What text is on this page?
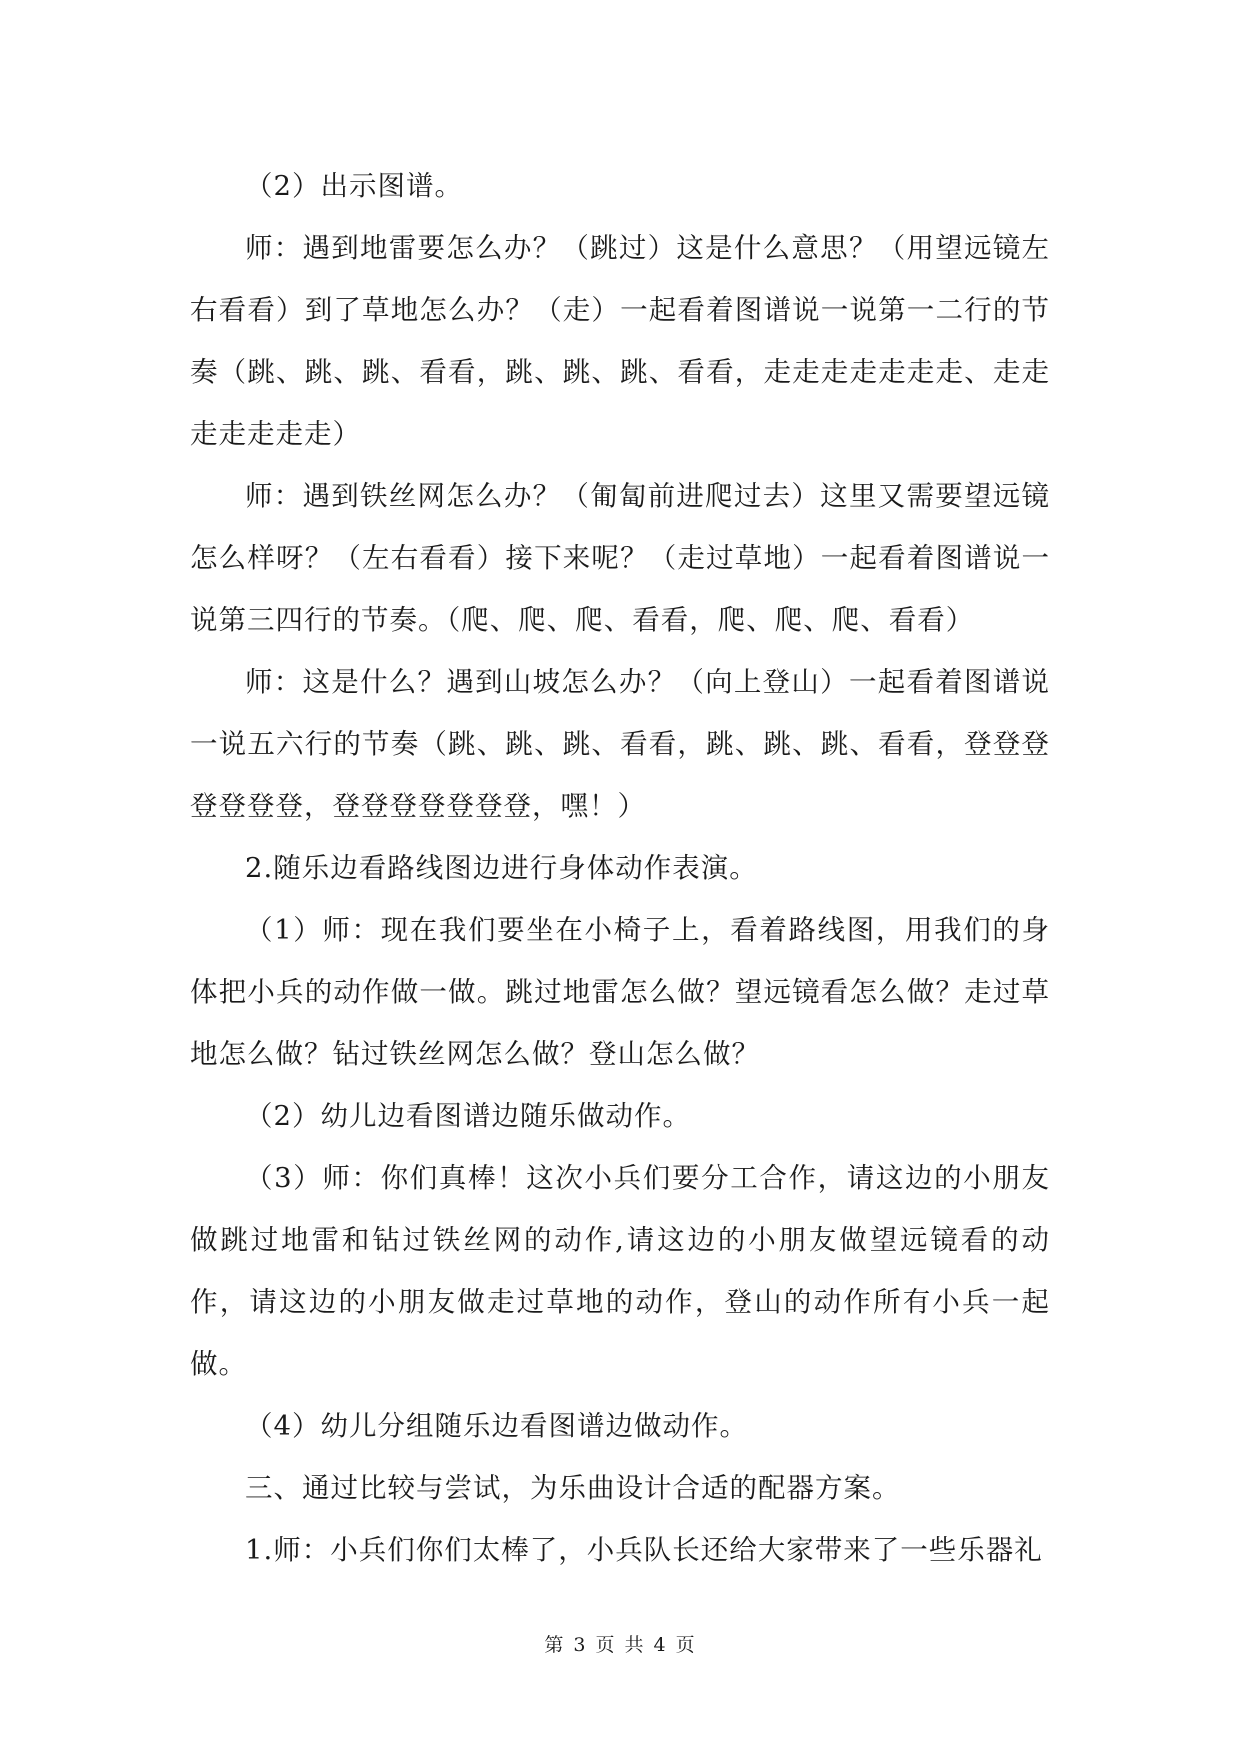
（2）出示图谱。

师：遇到地雷要怎么办？（跳过）这是什么意思？（用望远镜左右看看）到了草地怎么办？（走）一起看着图谱说一说第一二行的节奏（跳、跳、跳、看看，跳、跳、跳、看看，走走走走走走走、走走走走走走走）

师：遇到铁丝网怎么办？（匍匐前进爬过去）这里又需要望远镜怎么样呀？（左右看看）接下来呢？（走过草地）一起看着图谱说一说第三四行的节奏。（爬、爬、爬、看看，爬、爬、爬、看看）

师：这是什么？遇到山坡怎么办？（向上登山）一起看着图谱说一说五六行的节奏（跳、跳、跳、看看，跳、跳、跳、看看，登登登登登登登，登登登登登登登，嘿！）

2.随乐边看路线图边进行身体动作表演。

（1）师：现在我们要坐在小椅子上，看着路线图，用我们的身体把小兵的动作做一做。跳过地雷怎么做？望远镜看怎么做？走过草地怎么做？钻过铁丝网怎么做？登山怎么做？

（2）幼儿边看图谱边随乐做动作。

（3）师：你们真棒！这次小兵们要分工合作，请这边的小朋友做跳过地雷和钻过铁丝网的动作,请这边的小朋友做望远镜看的动作，请这边的小朋友做走过草地的动作，登山的动作所有小兵一起做。

（4）幼儿分组随乐边看图谱边做动作。

三、通过比较与尝试，为乐曲设计合适的配器方案。

1.师：小兵们你们太棒了，小兵队长还给大家带来了一些乐器礼

第 3 页 共 4 页
